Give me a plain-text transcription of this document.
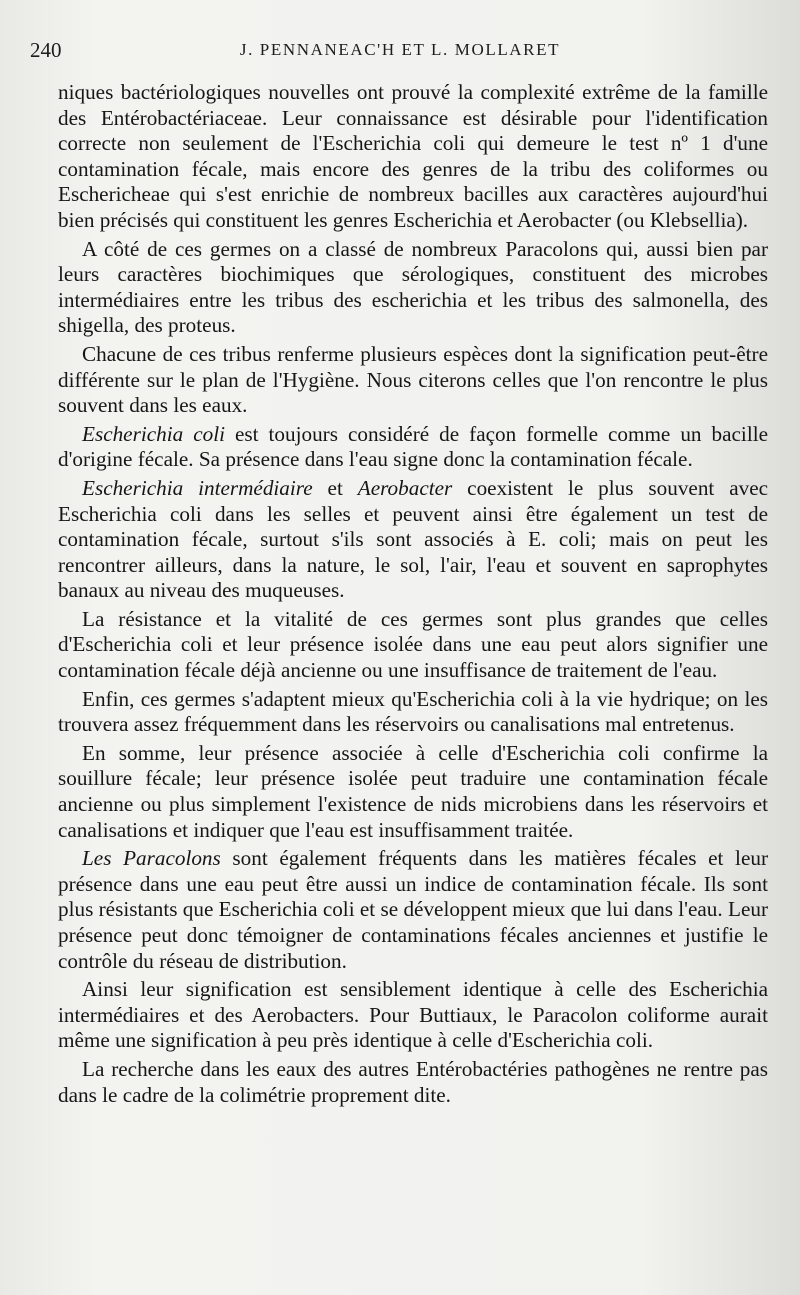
240	J. PENNANEAC'H ET L. MOLLARET

niques bactériologiques nouvelles ont prouvé la complexité extrême de la famille des Entérobactériaceae. Leur connaissance est désirable pour l'identification correcte non seulement de l'Escherichia coli qui demeure le test nº 1 d'une contamination fécale, mais encore des genres de la tribu des coliformes ou Eschericheae qui s'est enrichie de nombreux bacilles aux caractères aujourd'hui bien précisés qui constituent les genres Escherichia et Aerobacter (ou Klebsellia).

A côté de ces germes on a classé de nombreux Paracolons qui, aussi bien par leurs caractères biochimiques que sérologiques, constituent des microbes intermédiaires entre les tribus des escherichia et les tribus des salmonella, des shigella, des proteus.

Chacune de ces tribus renferme plusieurs espèces dont la signification peut-être différente sur le plan de l'Hygiène. Nous citerons celles que l'on rencontre le plus souvent dans les eaux.

Escherichia coli est toujours considéré de façon formelle comme un bacille d'origine fécale. Sa présence dans l'eau signe donc la contamination fécale.

Escherichia intermédiaire et Aerobacter coexistent le plus souvent avec Escherichia coli dans les selles et peuvent ainsi être également un test de contamination fécale, surtout s'ils sont associés à E. coli; mais on peut les rencontrer ailleurs, dans la nature, le sol, l'air, l'eau et souvent en saprophytes banaux au niveau des muqueuses.

La résistance et la vitalité de ces germes sont plus grandes que celles d'Escherichia coli et leur présence isolée dans une eau peut alors signifier une contamination fécale déjà ancienne ou une insuffisance de traitement de l'eau.

Enfin, ces germes s'adaptent mieux qu'Escherichia coli à la vie hydrique; on les trouvera assez fréquemment dans les réservoirs ou canalisations mal entretenus.

En somme, leur présence associée à celle d'Escherichia coli confirme la souillure fécale; leur présence isolée peut traduire une contamination fécale ancienne ou plus simplement l'existence de nids microbiens dans les réservoirs et canalisations et indiquer que l'eau est insuffisamment traitée.

Les Paracolons sont également fréquents dans les matières fécales et leur présence dans une eau peut être aussi un indice de contamination fécale. Ils sont plus résistants que Escherichia coli et se développent mieux que lui dans l'eau. Leur présence peut donc témoigner de contaminations fécales anciennes et justifie le contrôle du réseau de distribution.

Ainsi leur signification est sensiblement identique à celle des Escherichia intermédiaires et des Aerobacters. Pour Buttiaux, le Paracolon coliforme aurait même une signification à peu près identique à celle d'Escherichia coli.

La recherche dans les eaux des autres Entérobactéries pathogènes ne rentre pas dans le cadre de la colimétrie proprement dite.
